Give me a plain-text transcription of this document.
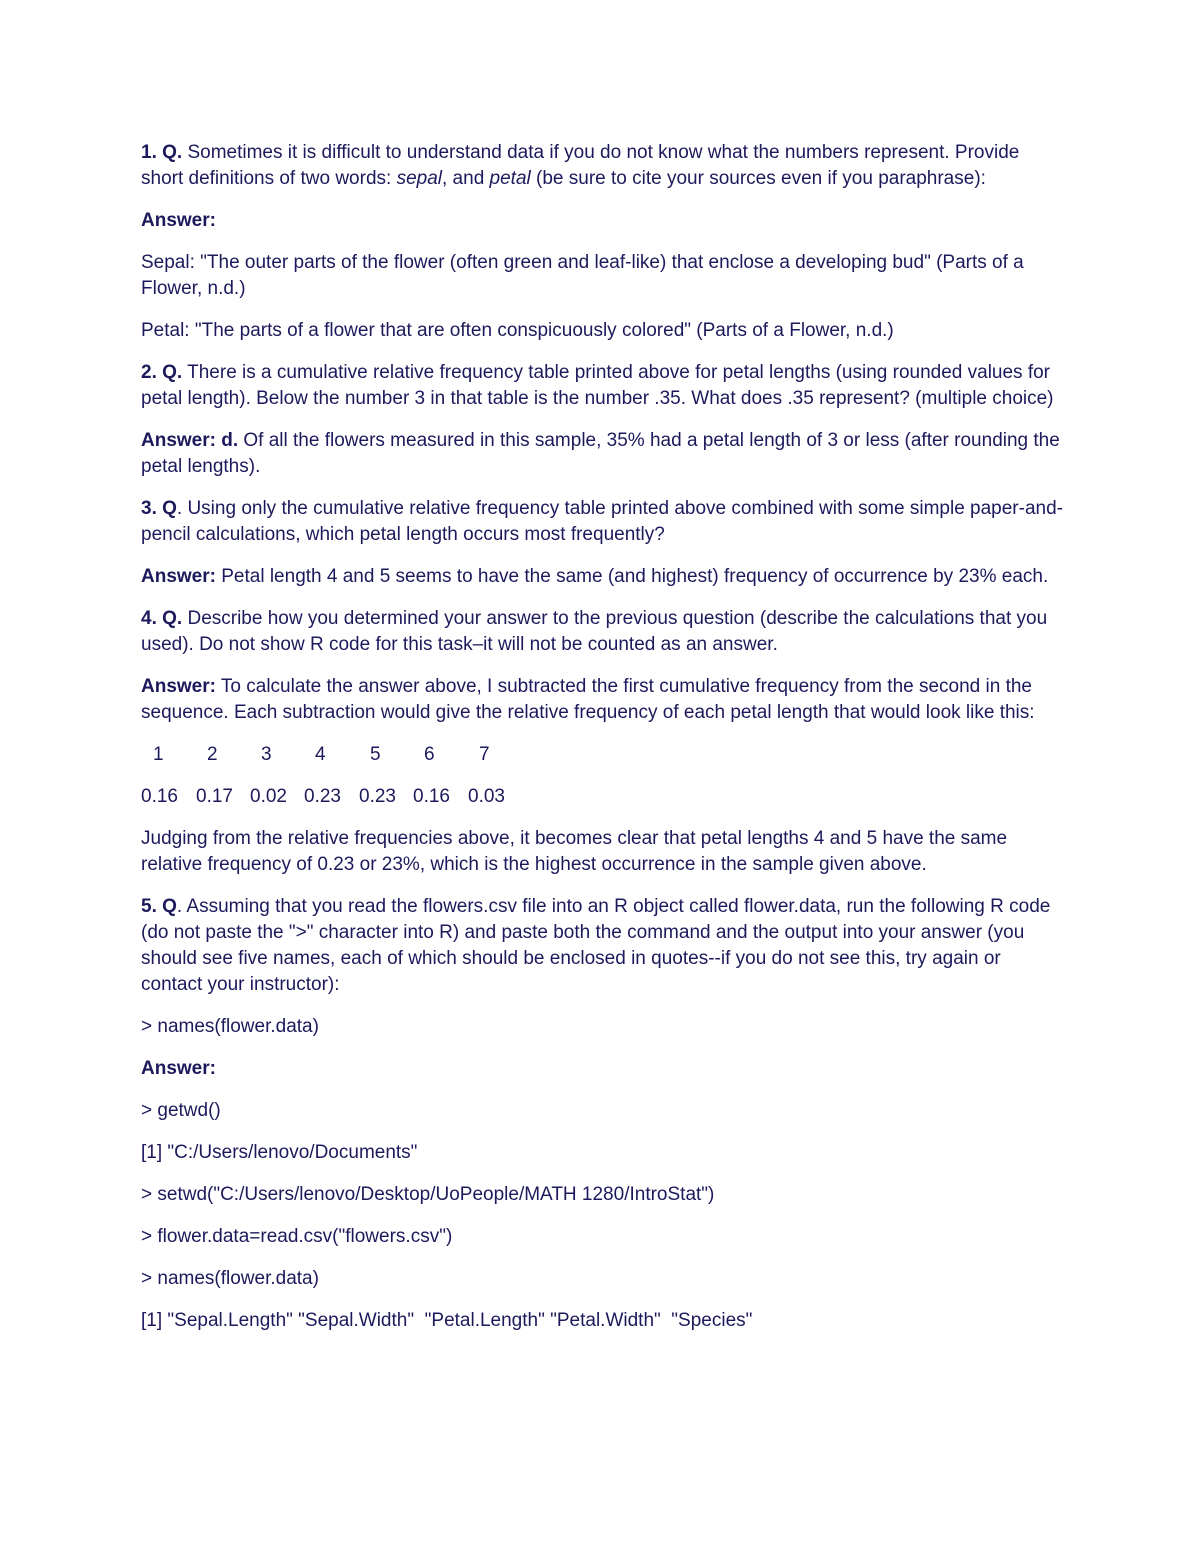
1. Q. Sometimes it is difficult to understand data if you do not know what the numbers represent. Provide short definitions of two words: sepal, and petal (be sure to cite your sources even if you paraphrase):

Answer:

Sepal: "The outer parts of the flower (often green and leaf-like) that enclose a developing bud" (Parts of a Flower, n.d.)

Petal: "The parts of a flower that are often conspicuously colored" (Parts of a Flower, n.d.)

2. Q. There is a cumulative relative frequency table printed above for petal lengths (using rounded values for petal length). Below the number 3 in that table is the number .35. What does .35 represent? (multiple choice)

Answer: d. Of all the flowers measured in this sample, 35% had a petal length of 3 or less (after rounding the petal lengths).

3. Q. Using only the cumulative relative frequency table printed above combined with some simple paper-and-pencil calculations, which petal length occurs most frequently?

Answer: Petal length 4 and 5 seems to have the same (and highest) frequency of occurrence by 23% each.

4. Q. Describe how you determined your answer to the previous question (describe the calculations that you used). Do not show R code for this task–it will not be counted as an answer.

Answer: To calculate the answer above, I subtracted the first cumulative frequency from the second in the sequence. Each subtraction would give the relative frequency of each petal length that would look like this:

1 2 3 4 5 6 7
0.16 0.17 0.02 0.23 0.23 0.16 0.03

Judging from the relative frequencies above, it becomes clear that petal lengths 4 and 5 have the same relative frequency of 0.23 or 23%, which is the highest occurrence in the sample given above.

5. Q. Assuming that you read the flowers.csv file into an R object called flower.data, run the following R code (do not paste the ">" character into R) and paste both the command and the output into your answer (you should see five names, each of which should be enclosed in quotes--if you do not see this, try again or contact your instructor):

> names(flower.data)

Answer:

> getwd()

[1] "C:/Users/lenovo/Documents"

> setwd("C:/Users/lenovo/Desktop/UoPeople/MATH 1280/IntroStat")

> flower.data=read.csv("flowers.csv")

> names(flower.data)

[1] "Sepal.Length" "Sepal.Width"  "Petal.Length" "Petal.Width"  "Species"
